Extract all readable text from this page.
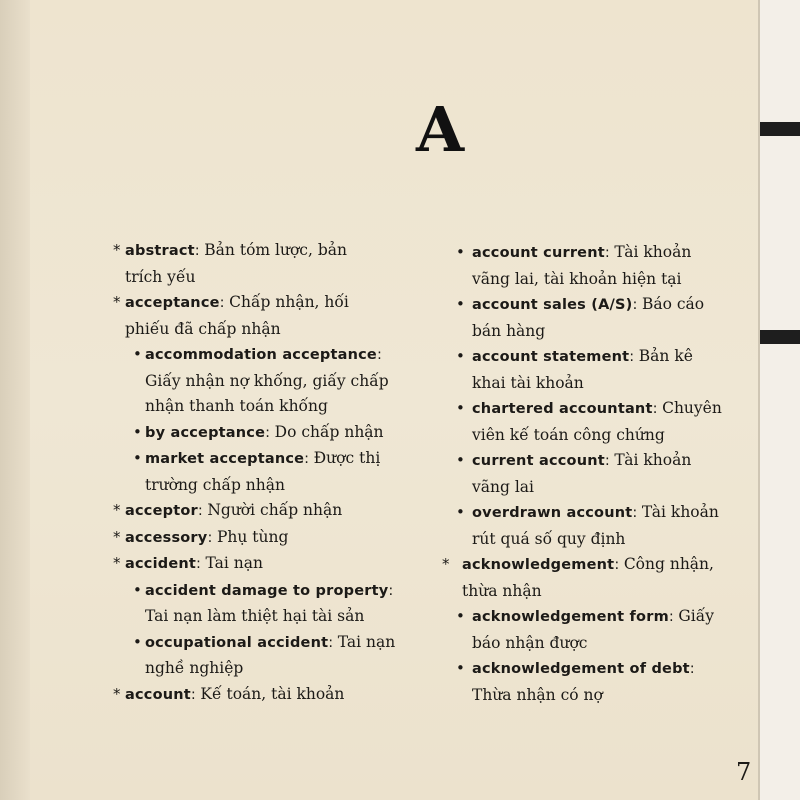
A
* abstract: Bản tóm lược, bản
trích yếu
* acceptance: Chấp nhận, hối
phiếu đã chấp nhận
• accommodation acceptance:
Giấy nhận nợ khống, giấy chấp
nhận thanh toán khống
• by acceptance: Do chấp nhận
• market acceptance: Được thị
trường chấp nhận
* acceptor: Người chấp nhận
* accessory: Phụ tùng
* accident: Tai nạn
• accident damage to property:
Tai nạn làm thiệt hại tài sản
• occupational accident: Tai nạn
nghề nghiệp
* account: Kế toán, tài khoản
• account current: Tài khoản
vãng lai, tài khoản hiện tại
• account sales (A/S): Báo cáo
bán hàng
• account statement: Bản kê
khai tài khoản
• chartered accountant: Chuyên
viên kế toán công chứng
• current account: Tài khoản
vãng lai
• overdrawn account: Tài khoản
rút quá số quy định
* acknowledgement: Công nhận,
thừa nhận
• acknowledgement form: Giấy
báo nhận được
• acknowledgement of debt:
Thừa nhận có nợ
7
